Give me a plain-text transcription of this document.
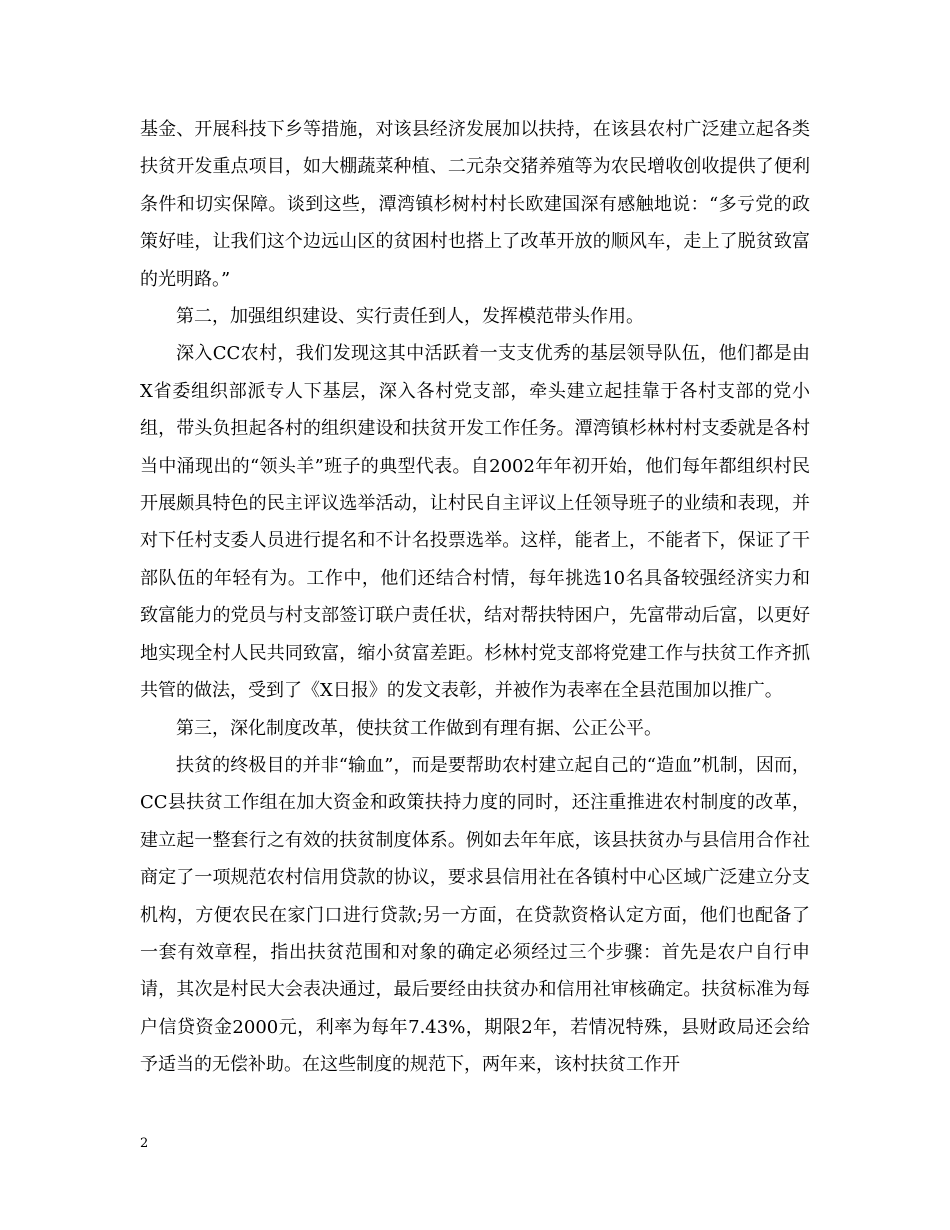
基金、开展科技下乡等措施，对该县经济发展加以扶持，在该县农村广泛建立起各类扶贫开发重点项目，如大棚蔬菜种植、二元杂交猪养殖等为农民增收创收提供了便利条件和切实保障。谈到这些，潭湾镇杉树村村长欧建国深有感触地说：“多亏党的政策好哇，让我们这个边远山区的贫困村也搭上了改革开放的顺风车，走上了脱贫致富的光明路。”

第二，加强组织建设、实行责任到人，发挥模范带头作用。

深入CC农村，我们发现这其中活跃着一支支优秀的基层领导队伍，他们都是由X省委组织部派专人下基层，深入各村党支部，牵头建立起挂靠于各村支部的党小组，带头负担起各村的组织建设和扶贫开发工作任务。潭湾镇杉林村村支委就是各村当中涌现出的“领头羊”班子的典型代表。自2002年年初开始，他们每年都组织村民开展颇具特色的民主评议选举活动，让村民自主评议上任领导班子的业绩和表现，并对下任村支委人员进行提名和不计名投票选举。这样，能者上，不能者下，保证了干部队伍的年轻有为。工作中，他们还结合村情，每年挑选10名具备较强经济实力和致富能力的党员与村支部签订联户责任状，结对帮扶特困户，先富带动后富，以更好地实现全村人民共同致富，缩小贫富差距。杉林村党支部将党建工作与扶贫工作齐抓共管的做法，受到了《X日报》的发文表彰，并被作为表率在全县范围加以推广。

第三，深化制度改革，使扶贫工作做到有理有据、公正公平。

扶贫的终极目的并非“输血”，而是要帮助农村建立起自己的“造血”机制，因而，CC县扶贫工作组在加大资金和政策扶持力度的同时，还注重推进农村制度的改革，建立起一整套行之有效的扶贫制度体系。例如去年年底，该县扶贫办与县信用合作社商定了一项规范农村信用贷款的协议，要求县信用社在各镇村中心区域广泛建立分支机构，方便农民在家门口进行贷款;另一方面，在贷款资格认定方面，他们也配备了一套有效章程，指出扶贫范围和对象的确定必须经过三个步骤：首先是农户自行申请，其次是村民大会表决通过，最后要经由扶贫办和信用社审核确定。扶贫标准为每户信贷资金2000元，利率为每年7.43%，期限2年，若情况特殊，县财政局还会给予适当的无偿补助。在这些制度的规范下，两年来，该村扶贫工作开

2
